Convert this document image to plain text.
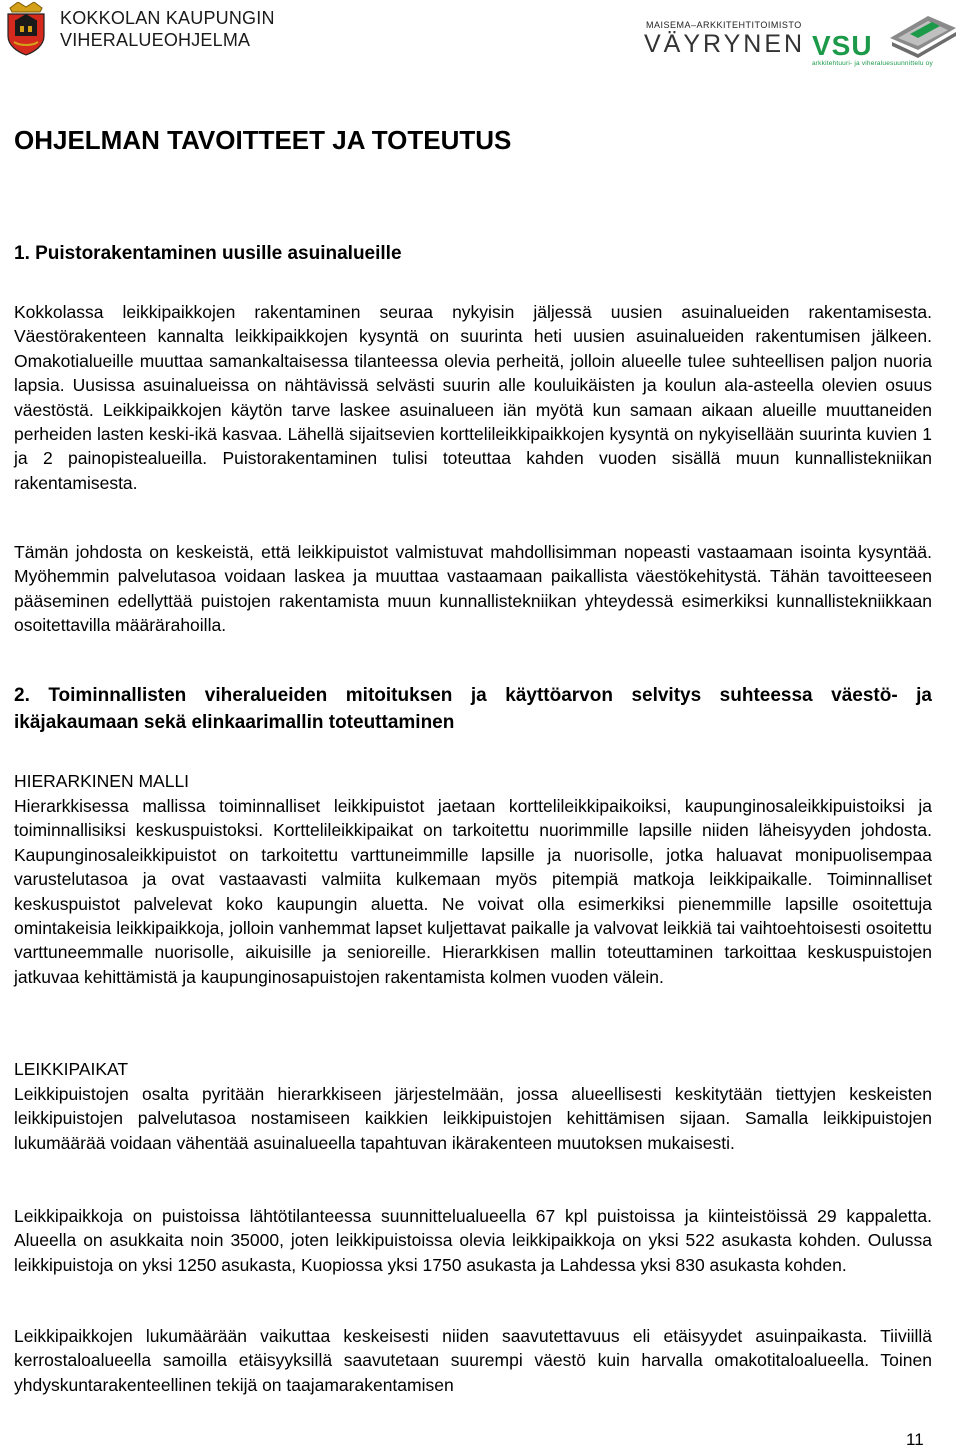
KOKKOLAN KAUPUNGIN
VIHERALUEOHJELMA
MAISEMA–ARKKITEHTITOIMISTO
VÄYRYNEN VSU
arkkitehtuuri- ja viheraluesuunnittelu oy
OHJELMAN TAVOITTEET JA TOTEUTUS
1. Puistorakentaminen uusille asuinalueille

Kokkolassa leikkipaikkojen rakentaminen seuraa nykyisin jäljessä uusien asuinalueiden rakentamisesta. Väestörakenteen kannalta leikkipaikkojen kysyntä on suurinta heti uusien asuinalueiden rakentumisen jälkeen. Omakotialueille muuttaa samankaltaisessa tilanteessa olevia perheitä, jolloin alueelle tulee suhteellisen paljon nuoria lapsia. Uusissa asuinalueissa on nähtävissä selvästi suurin alle kouluikäisten ja koulun ala-asteella olevien osuus väestöstä. Leikkipaikkojen käytön tarve laskee asuinalueen iän myötä kun samaan aikaan alueille muuttaneiden perheiden lasten keski-ikä kasvaa. Lähellä sijaitsevien korttelileikkipaikkojen kysyntä on nykyisellään suurinta kuvien 1 ja 2 painopistealueilla. Puistorakentaminen tulisi toteuttaa kahden vuoden sisällä muun kunnallistekniikan rakentamisesta.

Tämän johdosta on keskeistä, että leikkipuistot valmistuvat mahdollisimman nopeasti vastaamaan isointa kysyntää. Myöhemmin palvelutasoa voidaan laskea ja muuttaa vastaamaan paikallista väestökehitystä. Tähän tavoitteeseen pääseminen edellyttää puistojen rakentamista muun kunnallistekniikan yhteydessä esimerkiksi kunnallistekniikkaan osoitettavilla määrärahoilla.

2. Toiminnallisten viheralueiden mitoituksen ja käyttöarvon selvitys suhteessa väestö- ja ikäjakaumaan sekä elinkaarimallin toteuttaminen
HIERARKINEN MALLI

Hierarkkisessa mallissa toiminnalliset leikkipuistot jaetaan korttelileikkipaikoiksi, kaupunginosaleikkipuistoiksi ja toiminnallisiksi keskuspuistoksi. Korttelileikkipaikat on tarkoitettu nuorimmille lapsille niiden läheisyyden johdosta. Kaupunginosaleikkipuistot on tarkoitettu varttuneimmille lapsille ja nuorisolle, jotka haluavat monipuolisempaa varustelutasoa ja ovat vastaavasti valmiita kulkemaan myös pitempiä matkoja leikkipaikalle. Toiminnalliset keskuspuistot palvelevat koko kaupungin aluetta. Ne voivat olla esimerkiksi pienemmille lapsille osoitettuja omintakeisia leikkipaikkoja, jolloin vanhemmat lapset kuljettavat paikalle ja valvovat leikkiä tai vaihtoehtoisesti osoitettu varttuneemmalle nuorisolle, aikuisille ja senioreille. Hierarkkisen mallin toteuttaminen tarkoittaa keskuspuistojen jatkuvaa kehittämistä ja kaupunginosapuistojen rakentamista kolmen vuoden välein.

LEIKKIPAIKAT

Leikkipuistojen osalta pyritään hierarkkiseen järjestelmään, jossa alueellisesti keskitytään tiettyjen keskeisten leikkipuistojen palvelutasoa nostamiseen kaikkien leikkipuistojen kehittämisen sijaan. Samalla leikkipuistojen lukumäärää voidaan vähentää asuinalueella tapahtuvan ikärakenteen muutoksen mukaisesti.

Leikkipaikkoja on puistoissa lähtötilanteessa suunnittelualueella 67 kpl puistoissa ja kiinteistöissä 29 kappaletta. Alueella on asukkaita noin 35000, joten leikkipuistoissa olevia leikkipaikkoja on yksi 522 asukasta kohden. Oulussa leikkipuistoja on yksi 1250 asukasta, Kuopiossa yksi 1750 asukasta ja Lahdessa yksi 830 asukasta kohden.

Leikkipaikkojen lukumäärään vaikuttaa keskeisesti niiden saavutettavuus eli etäisyydet asuinpaikasta. Tiiviillä kerrostaloalueella samoilla etäisyyksillä saavutetaan suurempi väestö kuin harvalla omakotitaloalueella. Toinen yhdyskuntarakenteellinen tekijä on taajamarakentamisen

11
